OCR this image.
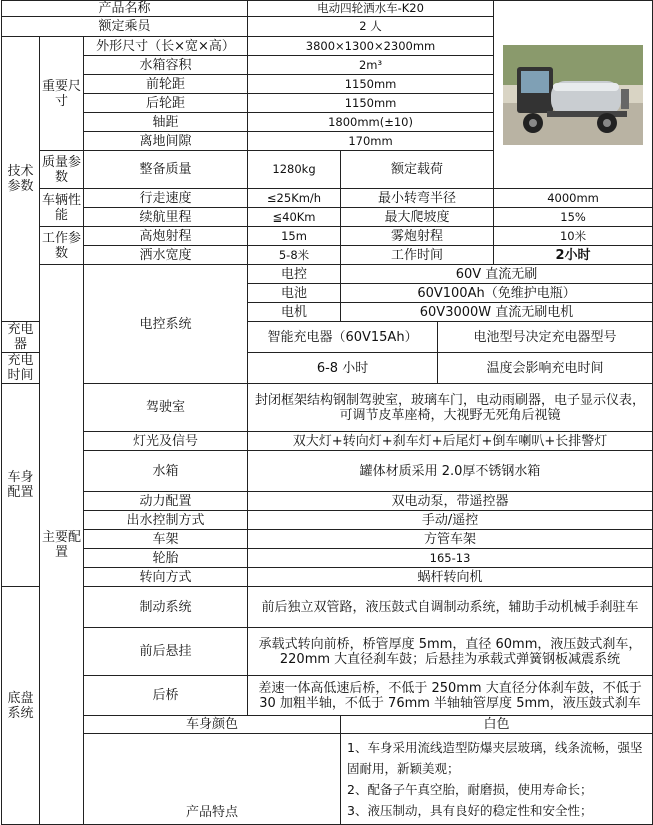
产品名称			电动四轮洒水车-K20	

额定乘员			2 人				
技术参数	重要尺寸	外形尺寸（长×宽×高）	3800×1300×2300mm				
		水箱容积	2m³				
		前轮距	1150mm				
		后轮距	1150mm				
		轴距	1800mm(±10)				
		离地间隙	170mm				
	质量参数	整备质量	1280kg	额定载荷	
	车辆性能	行走速度	≤25Km/h	最小转弯半径		4000mm	
		续航里程	≦40Km	最大爬坡度		15%	
	工作参数	高炮射程	15m	雾炮射程		10米	
		洒水宽度	5-8米	工作时间		2小时	
	主要配置	电控系统	电控	60V 直流无刷			
			电池	60V100Ah（免维护电瓶）			
			电机	60V3000W 直流无刷电机			
充电器			智能充电器（60V15Ah）		电池型号决定充电器型号		
充电时间			6-8 小时		温度会影响充电时间		
车身配置		驾驶室	封闭框架结构钢制驾驶室，玻璃车门，电动雨刷器，电子显示仪表，可调节皮革座椅，大视野无死角后视镜				
		灯光及信号	双大灯+转向灯+刹车灯+后尾灯+倒车喇叭+长排警灯				
		水箱	罐体材质采用 2.0厚不锈钢水箱				
		动力配置	双电动泵，带遥控器				
		出水控制方式	手动/遥控				
		车架	方管车架				
		轮胎	165-13				
		转向方式	蜗杆转向机				
底盘系统		制动系统	前后独立双管路，液压鼓式自调制动系统，辅助手动机械手刹驻车				
		前后悬挂	承载式转向前桥，桥管厚度 5mm，直径 60mm，液压鼓式刹车，220mm 大直径刹车鼓；后悬挂为承载式弹簧钢板减震系统				
		后桥	差速一体高低速后桥，不低于 250mm 大直径分体刹车鼓，不低于 30 加粗半轴，不低于 76mm 半轴轴管厚度 5mm，液压鼓式刹车				
		车身颜色		白色			
		产品特点		1、车身采用流线造型防爆夹层玻璃，线条流畅，强坚固耐用，新颖美观；
2、配备子午真空胎，耐磨损，使用寿命长；
3、液压制动，具有良好的稳定性和安全性；			
